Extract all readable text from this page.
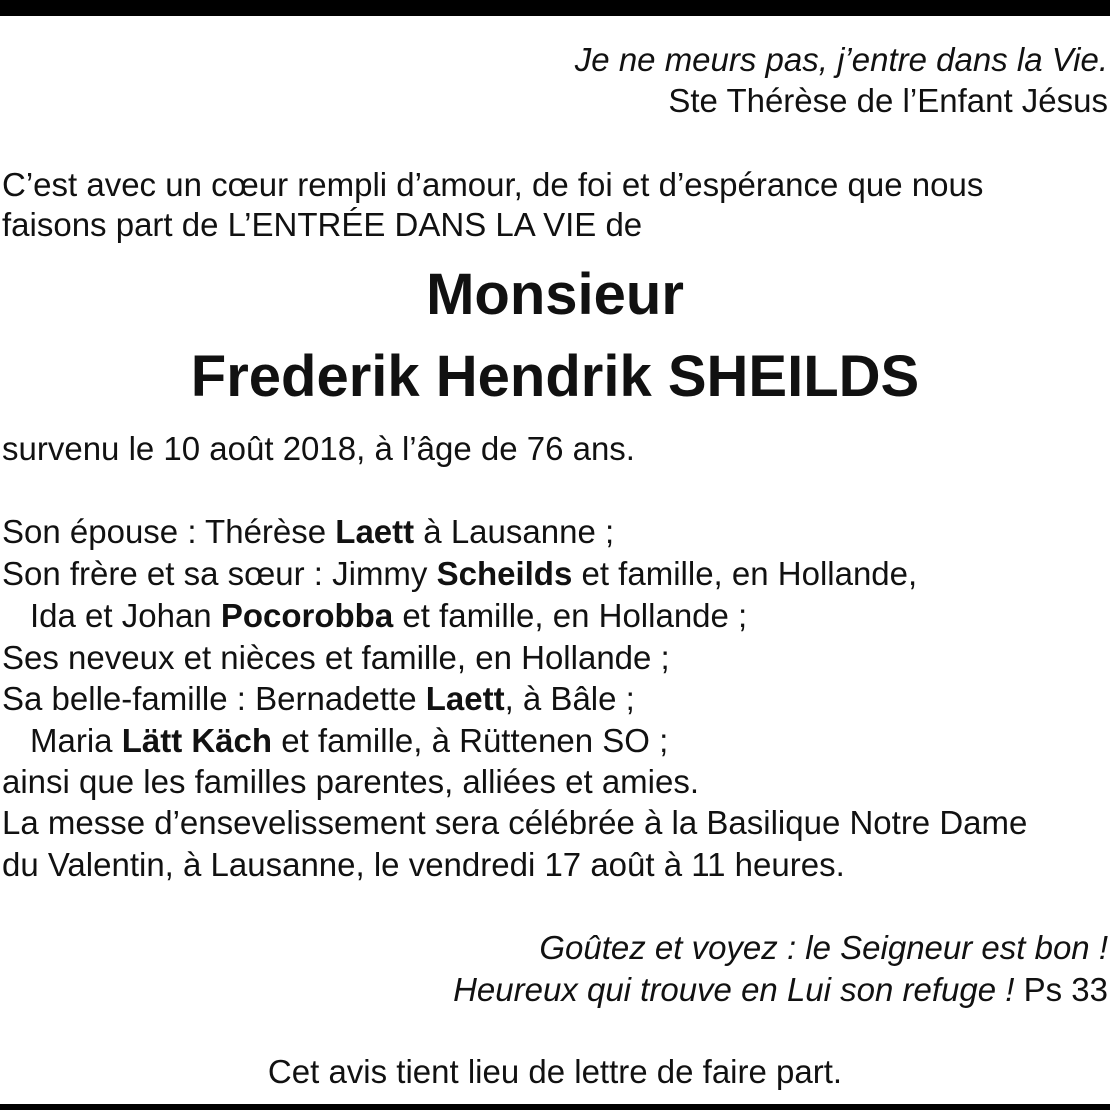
Je ne meurs pas, j’entre dans la Vie.
Ste Thérèse de l’Enfant Jésus
C’est avec un cœur rempli d’amour, de foi et d’espérance que nous
faisons part de L’ENTRÉE DANS LA VIE de
Monsieur
Frederik Hendrik SHEILDS
survenu le 10 août 2018, à l’âge de 76 ans.
Son épouse : Thérèse Laett à Lausanne ;
Son frère et sa sœur : Jimmy Scheilds et famille, en Hollande,
Ida et Johan Pocorobba et famille, en Hollande ;
Ses neveux et nièces et famille, en Hollande ;
Sa belle-famille : Bernadette Laett, à Bâle ;
Maria Lätt Käch et famille, à Rüttenen SO ;
ainsi que les familles parentes, alliées et amies.
La messe d’ensevelissement sera célébrée à la Basilique Notre Dame
du Valentin, à Lausanne, le vendredi 17 août à 11 heures.
Goûtez et voyez : le Seigneur est bon !
Heureux qui trouve en Lui son refuge ! Ps 33
Cet avis tient lieu de lettre de faire part.
